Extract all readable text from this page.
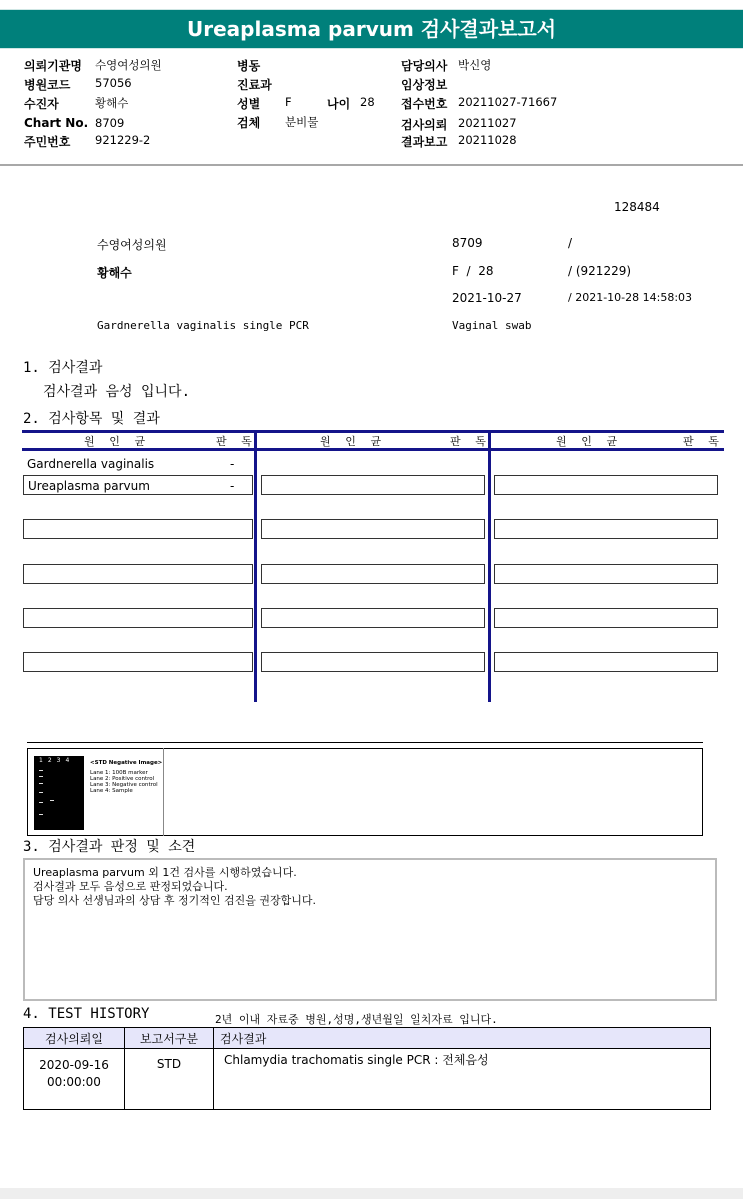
Ureaplasma parvum 검사결과보고서
의뢰기관명 수영여성의원
병원코드 57056
수진자	황해수
Chart No. 8709
주민번호 921229-2
병동
진료과
성별 F	나이 28
검체 분비물
담당의사 박신영
임상정보
접수번호 20211027-71667
검사의뢰 20211027
결과보고 20211028
128484
수영여성의원	8709	/
황해수	F  /  28	/ (921229)
2021-10-27	/ 2021-10-28 14:58:03
Gardnerella vaginalis single PCR	Vaginal swab
1. 검사결과
검사결과 음성 입니다.
2. 검사항목 및 결과
원 인 균	판 독	원 인 균	판 독	원 인 균	판 독
Gardnerella vaginalis	-
Ureaplasma parvum	-
1234	<STD Negative Image>
Lane 1: 100B marker
Lane 2: Positive control
Lane 3: Negative control
Lane 4: Sample
3. 검사결과 판정 및 소견
Ureaplasma parvum 외 1건 검사를 시행하였습니다.
검사결과 모두 음성으로 판정되었습니다.
담당 의사 선생님과의 상담 후 정기적인 검진을 권장합니다.
4. TEST HISTORY	2년 이내 자료중 병원,성명,생년월일 일치자료 입니다.
검사의뢰일	보고서구분	검사결과

2020-09-16
00:00:00	STD	Chlamydia trachomatis single PCR : 전체음성
